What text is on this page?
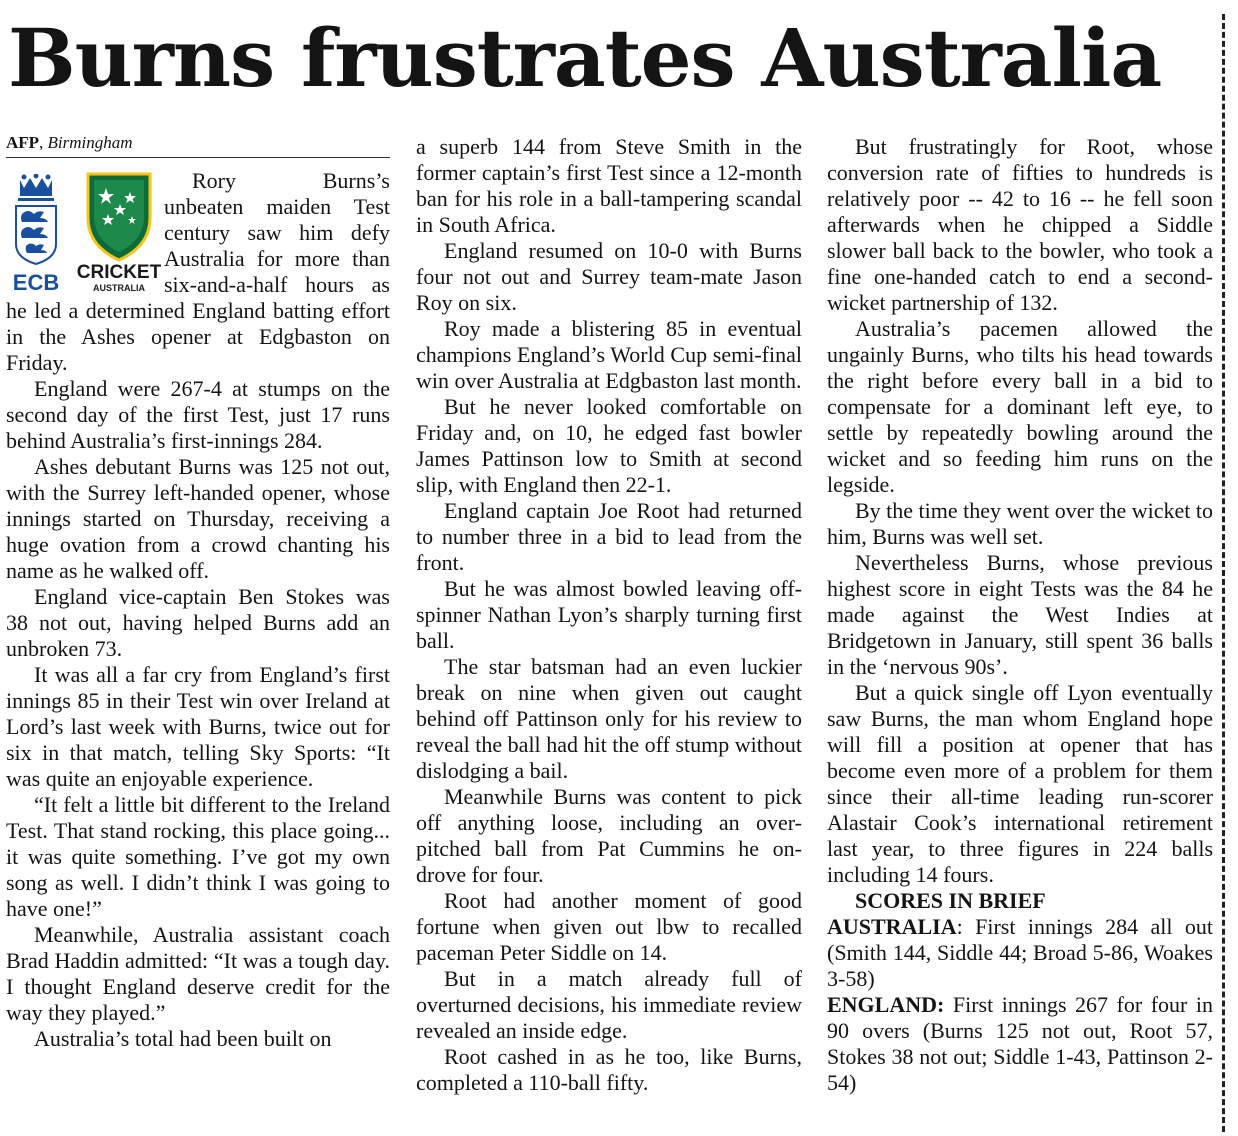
Burns frustrates Australia
AFP, Birmingham
ECB CRICKET
AUSTRALIA

Rory Burns’s unbeaten maiden Test century saw him defy Australia for more than six-and-a-half hours as he led a determined England batting effort in the Ashes opener at Edgbaston on Friday.

England were 267-4 at stumps on the second day of the first Test, just 17 runs behind Australia’s first-innings 284.

Ashes debutant Burns was 125 not out, with the Surrey left-handed opener, whose innings started on Thursday, receiving a huge ovation from a crowd chanting his name as he walked off.

England vice-captain Ben Stokes was 38 not out, having helped Burns add an unbroken 73.

It was all a far cry from England’s first innings 85 in their Test win over Ireland at Lord’s last week with Burns, twice out for six in that match, telling Sky Sports: “It was quite an enjoyable experience.

“It felt a little bit different to the Ireland Test. That stand rocking, this place going... it was quite something. I’ve got my own song as well. I didn’t think I was going to have one!”

Meanwhile, Australia assistant coach Brad Haddin admitted: “It was a tough day. I thought England deserve credit for the way they played.”

Australia’s total had been built on

a superb 144 from Steve Smith in the former captain’s first Test since a 12-month ban for his role in a ball-tampering scandal in South Africa.

England resumed on 10-0 with Burns four not out and Surrey team-mate Jason Roy on six.

Roy made a blistering 85 in eventual champions England’s World Cup semi-final win over Australia at Edgbaston last month.

But he never looked comfortable on Friday and, on 10, he edged fast bowler James Pattinson low to Smith at second slip, with England then 22-1.

England captain Joe Root had returned to number three in a bid to lead from the front.

But he was almost bowled leaving off-spinner Nathan Lyon’s sharply turning first ball.

The star batsman had an even luckier break on nine when given out caught behind off Pattinson only for his review to reveal the ball had hit the off stump without dislodging a bail.

Meanwhile Burns was content to pick off anything loose, including an over-pitched ball from Pat Cummins he on-drove for four.

Root had another moment of good fortune when given out lbw to recalled paceman Peter Siddle on 14.

But in a match already full of overturned decisions, his immediate review revealed an inside edge.

Root cashed in as he too, like Burns, completed a 110-ball fifty.

But frustratingly for Root, whose conversion rate of fifties to hundreds is relatively poor -- 42 to 16 -- he fell soon afterwards when he chipped a Siddle slower ball back to the bowler, who took a fine one-handed catch to end a second-wicket partnership of 132.

Australia’s pacemen allowed the ungainly Burns, who tilts his head towards the right before every ball in a bid to compensate for a dominant left eye, to settle by repeatedly bowling around the wicket and so feeding him runs on the legside.

By the time they went over the wicket to him, Burns was well set.

Nevertheless Burns, whose previous highest score in eight Tests was the 84 he made against the West Indies at Bridgetown in January, still spent 36 balls in the ‘nervous 90s’.

But a quick single off Lyon eventually saw Burns, the man whom England hope will fill a position at opener that has become even more of a problem for them since their all-time leading run-scorer Alastair Cook’s international retirement last year, to three figures in 224 balls including 14 fours.

SCORES IN BRIEF

AUSTRALIA: First innings 284 all out (Smith 144, Siddle 44; Broad 5-86, Woakes 3-58)

ENGLAND: First innings 267 for four in 90 overs (Burns 125 not out, Root 57, Stokes 38 not out; Siddle 1-43, Pattinson 2-54)
